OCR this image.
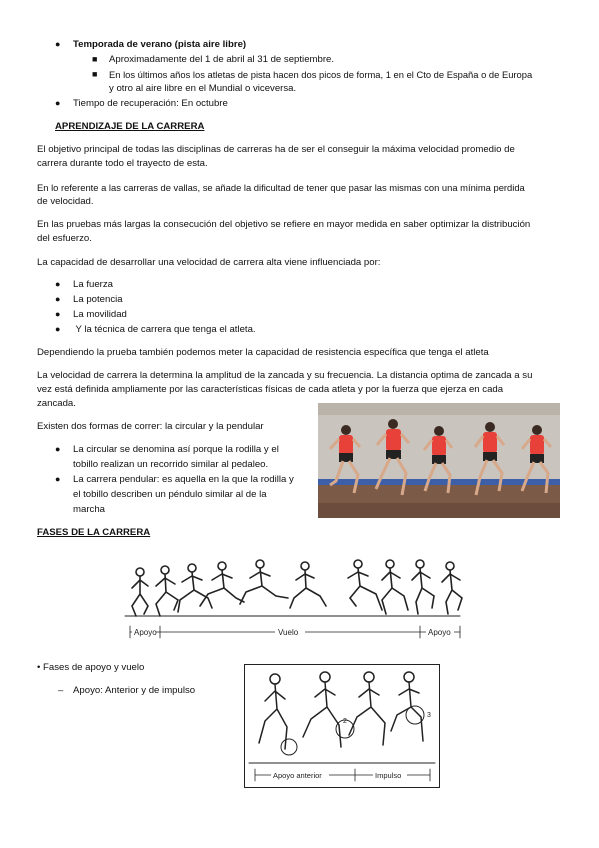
● Temporada de verano (pista aire libre)
■ Aproximadamente del 1 de abril al 31 de septiembre.
■ En los últimos años los atletas de pista hacen dos picos de forma, 1 en el Cto de España o de Europa
y otro al aire libre en el Mundial o viceversa.
● Tiempo de recuperación: En octubre
APRENDIZAJE DE LA CARRERA
El objetivo principal de todas las disciplinas de carreras ha de ser el conseguir la máxima velocidad promedio de
carrera durante todo el trayecto de esta.
En lo referente a las carreras de vallas, se añade la dificultad de tener que pasar las mismas con una mínima perdida
de velocidad.
En las pruebas más largas la consecución del objetivo se refiere en mayor medida en saber optimizar la distribución
del esfuerzo.
La capacidad de desarrollar una velocidad de carrera alta viene influenciada por:
● La fuerza
● La potencia
● La movilidad
● Y la técnica de carrera que tenga el atleta.
Dependiendo la prueba también podemos meter la capacidad de resistencia específica que tenga el atleta
La velocidad de carrera la determina la amplitud de la zancada y su frecuencia. La distancia optima de zancada a su
vez está definida ampliamente por las características físicas de cada atleta y por la fuerza que ejerza en cada
zancada.
Existen dos formas de correr: la circular y la pendular
● La circular se denomina así porque la rodilla y el
tobillo realizan un recorrido similar al pedaleo.
● La carrera pendular: es aquella en la que la rodilla y
el tobillo describen un péndulo similar al de la
marcha
FASES DE LA CARRERA
Apoyo	Vuelo	Apoyo
• Fases de apoyo y vuelo
– Apoyo: Anterior y de impulso
2
3
Apoyo anterior	Impulso
